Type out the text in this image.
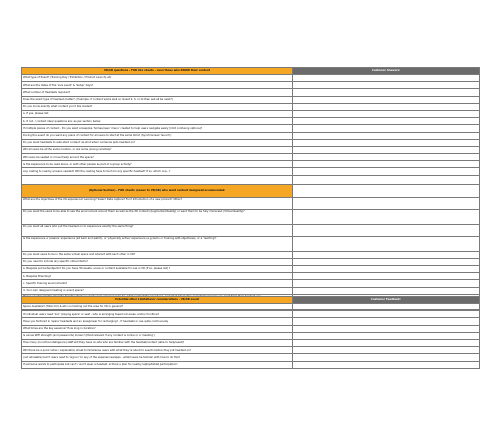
VR/AR questions - FOR ALL clients - even those who KNOW their content	Customer Answers:
What type of Event? (Training Day / Exhibition / Product Launch) etc	
What are the dates of the 'Live event' & 'Setup' days?	
What number of Headsets required?	
Does the exact type of headset matter? ( Example: if content works well on Quest 2, 3, or Oi then sell all be used?)	
Do you know exactly what content you'd like loaded?	
a. If yes, please list:	
b. If not, / content idea/ questions are: as per section below	
If multiple pieces of content - Do you want a bespoke 'homescreen' menu' created to help users navigate easily (limit confusing options)?	
During the event do you want any piece of content for all users to start at the same time? (Synchronised 'launch')	
Do you want headsets to auto-start content 'as shot when' someone puts headset on?	
Will all users be at the same location, or are some joining remotely?	
Will users be seated or move freely around the space?	
Is the experience to be used alone, or with other people as part of a group activity?	
Any casting to nearby screens needed? Will the casting have to be from any specific headset? If so, which one...?	

(Optional Section) - FOR clients (newer to VR/AR) who want content designed/recommended:	
What are the objectives of the XR experience? Learning? Sales? Data capture? Fun? Introduction of a new product? Other?	
Do you want the users to be able to see the environment around them as well as the XR content (Augmented Reality) or want them to be fully immersed (Virtual Reality)?	
Do you want all users who put the headset on to experience exactly the same thing?	
Is the experience a 'passive' experience (sit back and watch), or 'physically active' experience (e.g.demo or training with objectives), or a 'reacting'?	
Do you want users to be in the same virtual space and interact with each other in VR?	
Do you need to include any specific virtual items?	
a. Bespoke products/objects? Do you have 3D assets, scans or content available for use in VR (if so, please list) ?	
b. Bespoke Branding?	
c. Specific training environments?	
d. Your own designed meeting or event space?	

Potential other Limitations/ considerations - VR/XR event	Customer Feedback:
Space Available? (Total m2) & who is marking out the area for VR in general?	
If individual users need 'zoo' 'playing space' or seat - who is arranging taped out areas, and/or furniture?	
Have you factored in 'spare' headsets and an area/power for recharging? - If headsets in use quite continuously	
What times are the key sessions? How long in duration?	
Is venue WiFi strength (and passwords) known? (Most relevant if any content is online or a 'meeting')	
How many (non-Hire Intelligence) staff will they have on-site who are familiar with the headset/content (able to help/reset)?	
Will there be a quick video / explanation sheet to familiarise users with what they're about to see/do before they put headset on?	
(not advisable) but if users need to 'sign-in' to any of the experiences/apps - willall users be familiar with how to do this?	
If someone wants to participate but can't / won't wear a headset, is there a plan for nearby laptop/tablet participation?	
